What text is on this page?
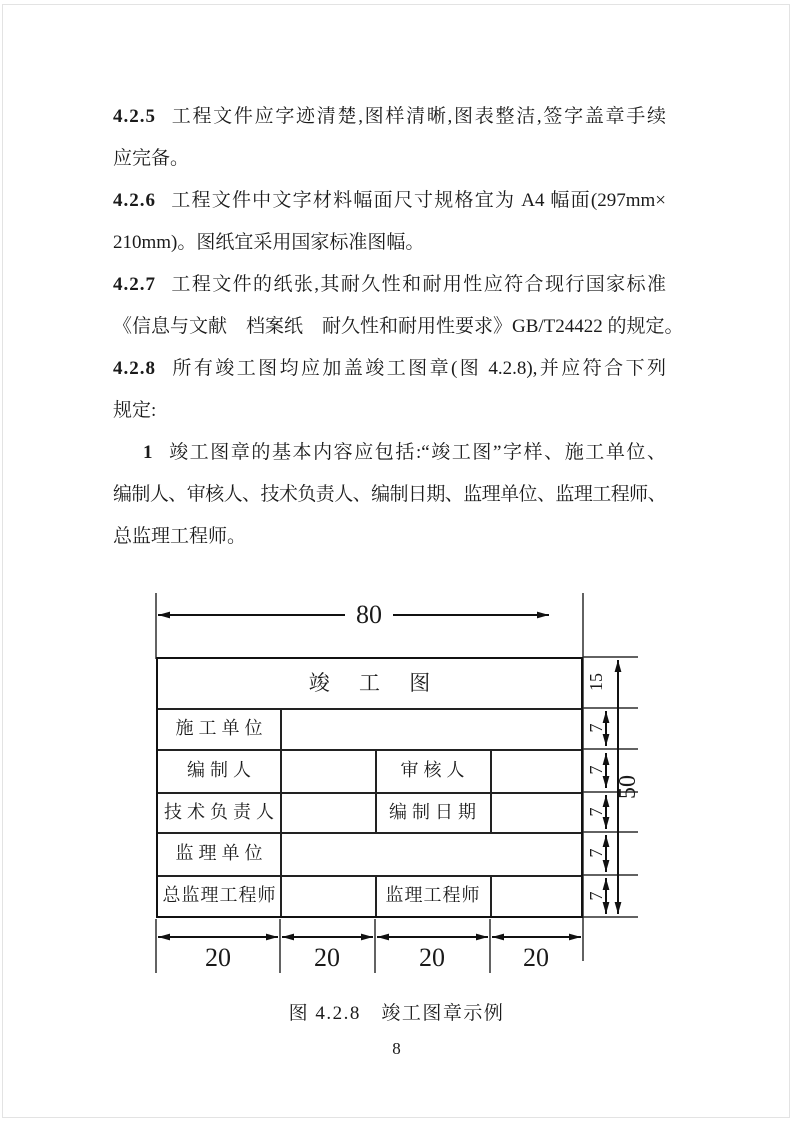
4.2.5 工程文件应字迹清楚,图样清晰,图表整洁,签字盖章手续
应完备。
4.2.6 工程文件中文字材料幅面尺寸规格宜为 A4 幅面(297mm×
210mm)。图纸宜采用国家标准图幅。
4.2.7 工程文件的纸张,其耐久性和耐用性应符合现行国家标准
《信息与文献　档案纸　耐久性和耐用性要求》GB/T24422 的规定。
4.2.8 所有竣工图均应加盖竣工图章(图 4.2.8),并应符合下列
规定:
1 竣工图章的基本内容应包括:“竣工图”字样、施工单位、
编制人、审核人、技术负责人、编制日期、监理单位、监理工程师、
总监理工程师。
竣 工 图
施工单位
编制人	审核人
技术负责人	编制日期
监理单位
总监理工程师	监理工程师
80
15
7
7
7
7
7
50
20	20	20	20
图 4.2.8　竣工图章示例
8
